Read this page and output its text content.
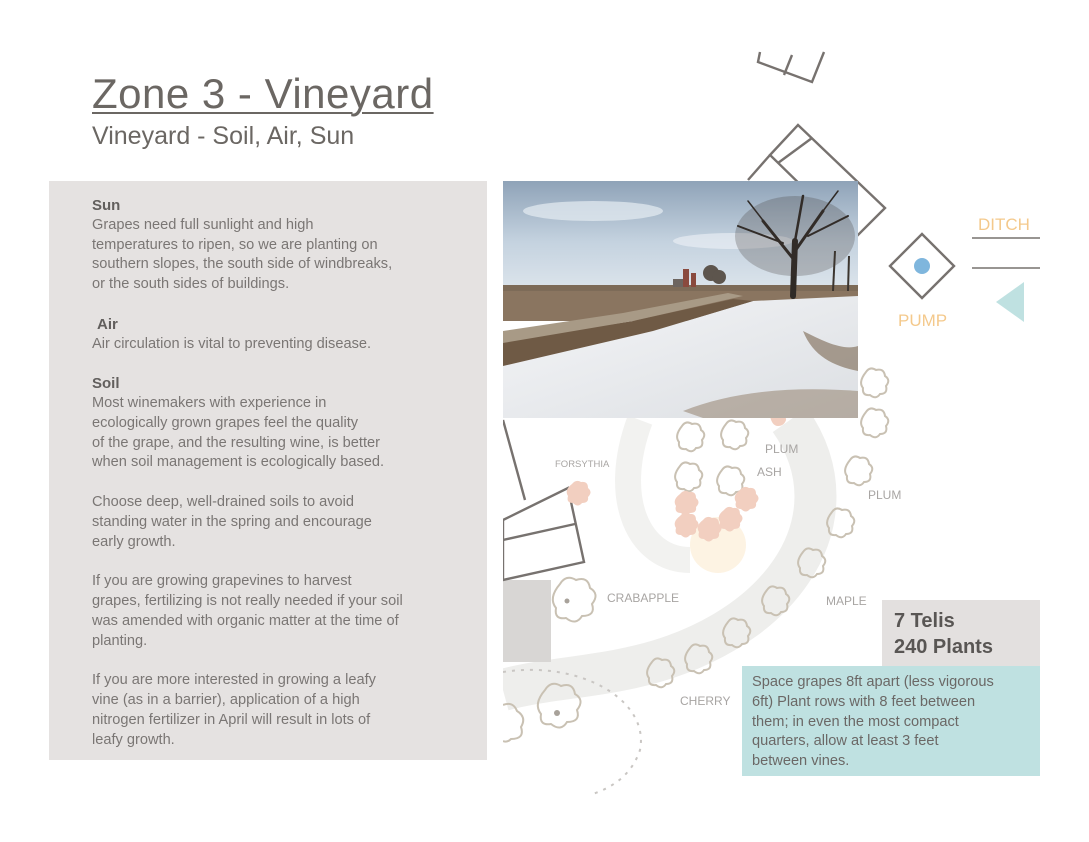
Zone 3 - Vineyard
Vineyard - Soil, Air, Sun
Sun

Grapes need full sunlight and high

temperatures to ripen, so we are planting on

southern slopes, the south side of windbreaks,

or the south sides of buildings.

Air

Air circulation is vital to preventing disease.

Soil

Most winemakers with experience in

ecologically grown grapes feel the quality

of the grape, and the resulting wine, is better

when soil management is ecologically based.

Choose deep, well-drained soils to avoid

standing water in the spring and encourage

early growth.

If you are growing grapevines to harvest

grapes, fertilizing is not really needed if your soil

was amended with organic matter at the time of

planting.

If you are more interested in growing a leafy

vine (as in a barrier), application of a high

nitrogen fertilizer in April will result in lots of

leafy growth.

DITCH
PUMP
PLUM
ASH
PLUM
FORSYTHIA
CRABAPPLE	MAPLE
CHERRY
7 Telis
240 Plants

Space grapes 8ft apart (less vigorous
6ft) Plant rows with 8 feet between
them; in even the most compact
quarters, allow at least 3 feet
between vines.
